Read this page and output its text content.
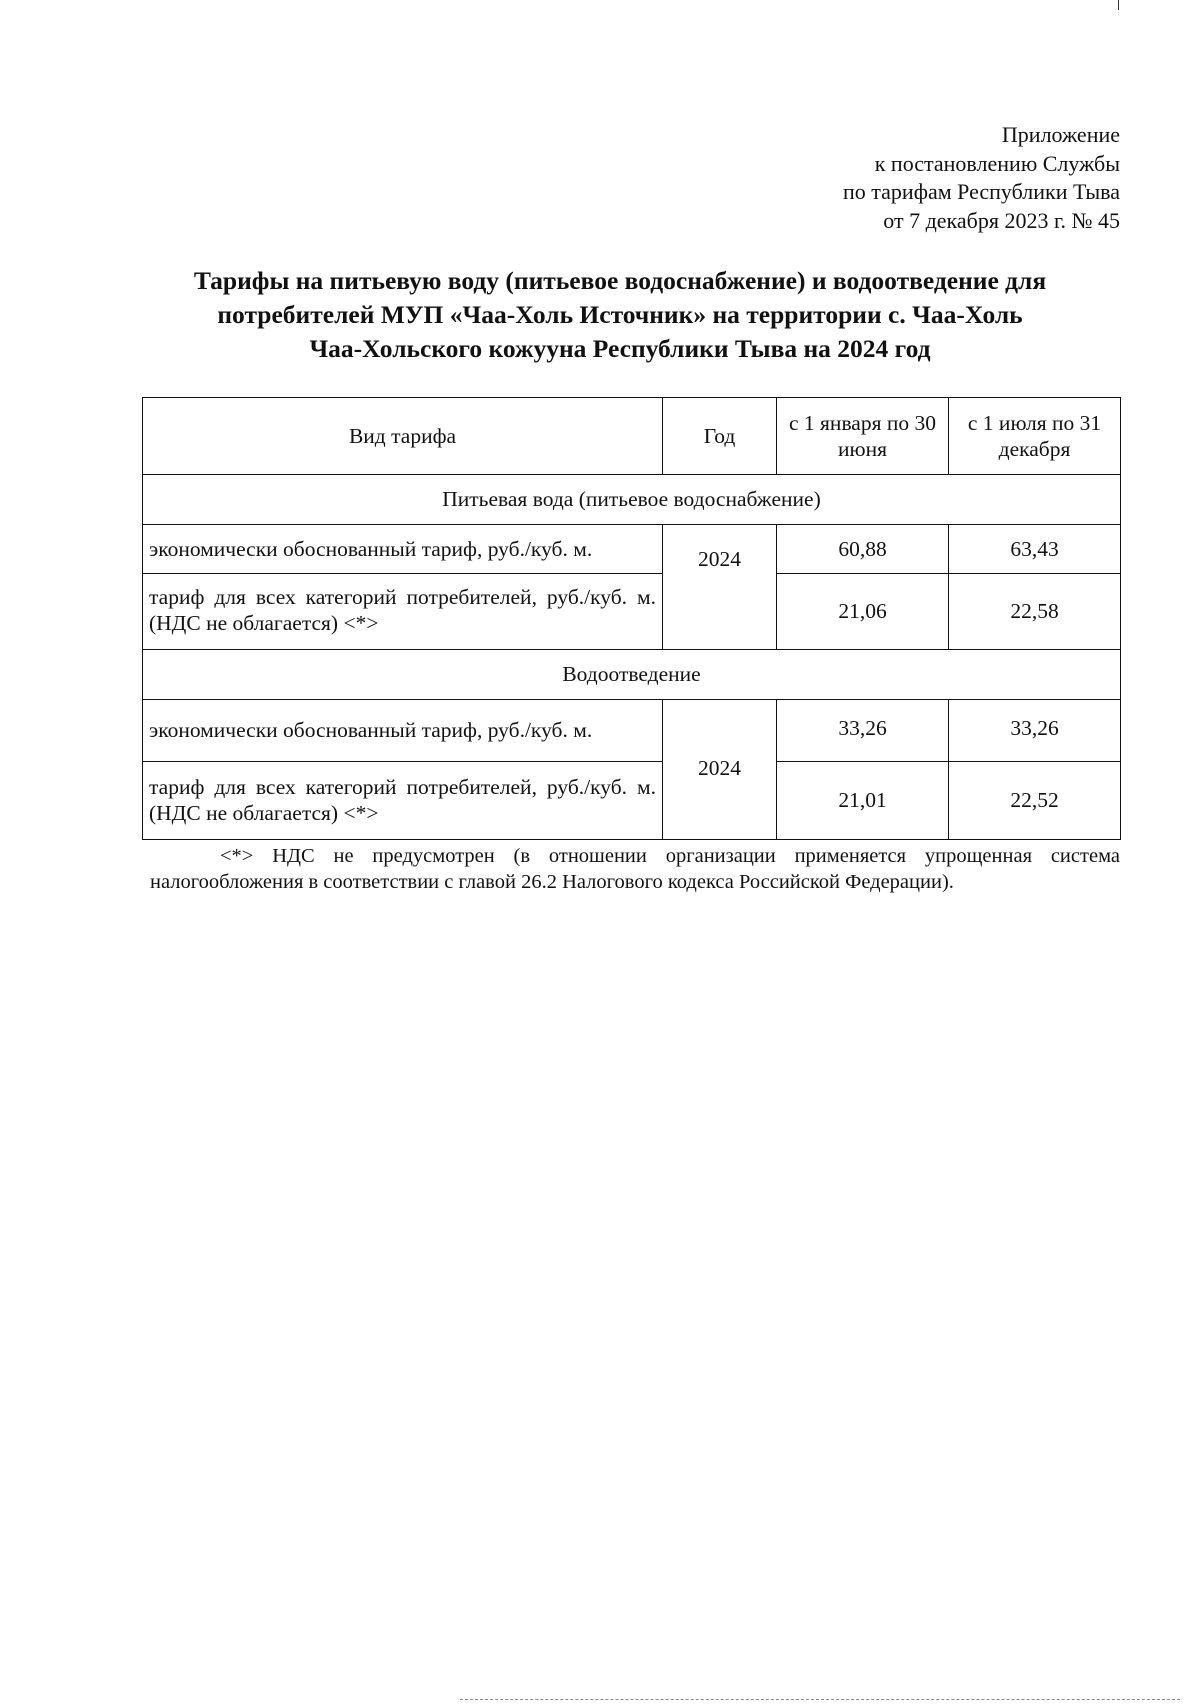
Приложение
к постановлению Службы
по тарифам Республики Тыва
от 7 декабря 2023 г. № 45
Тарифы на питьевую воду (питьевое водоснабжение) и водоотведение для
потребителей МУП «Чаа-Холь Источник» на территории с. Чаа-Холь
Чаа-Хольского кожууна Республики Тыва на 2024 год
Вид тарифа	Год	с 1 января по 30 июня	с 1 июля по 31 декабря
Питьевая вода (питьевое водоснабжение)			
экономически обоснованный тариф, руб./куб. м.	2024	60,88	63,43
тариф для всех категорий потребителей, руб./куб. м. (НДС не облагается) <*>		21,06	22,58
Водоотведение			
экономически обоснованный тариф, руб./куб. м.	2024	33,26	33,26
тариф для всех категорий потребителей, руб./куб. м. (НДС не облагается) <*>		21,01	22,52
<*> НДС не предусмотрен (в отношении организации применяется упрощенная система налогообложения в соответствии с главой 26.2 Налогового кодекса Российской Федерации).
